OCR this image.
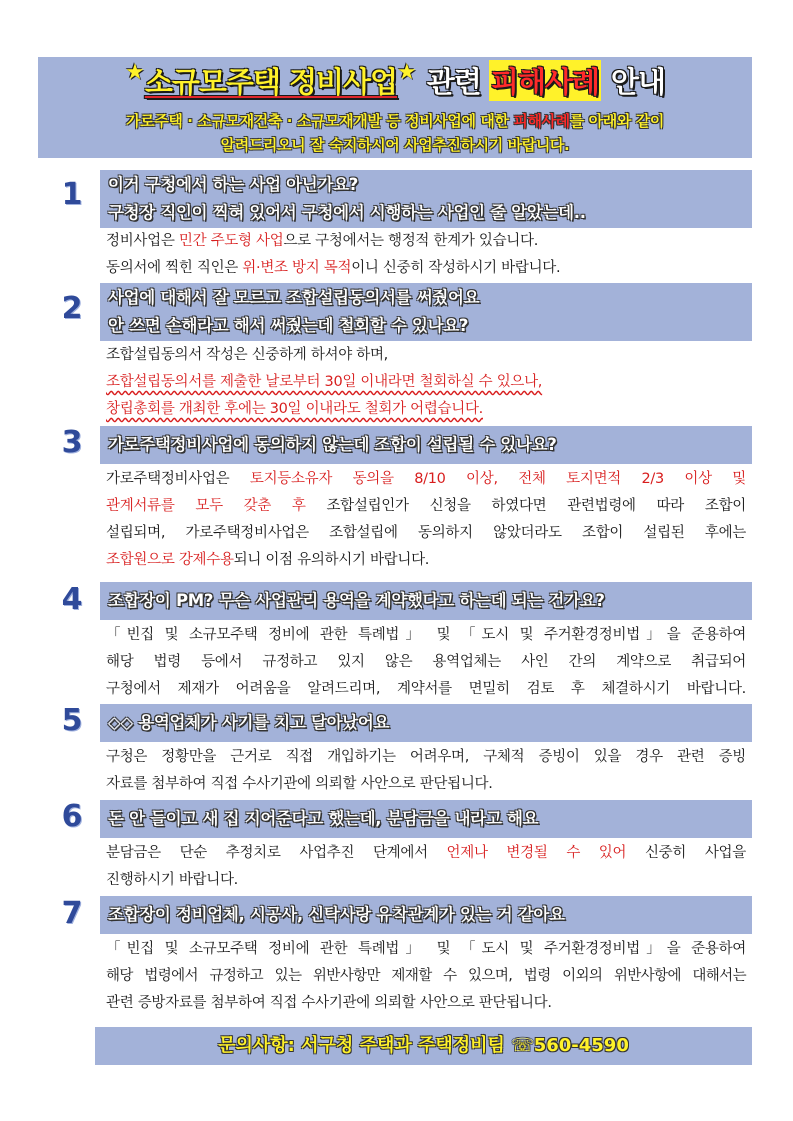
★소규모주택 정비사업★ 관련 피해사례 안내
가로주택 · 소규모재건축 · 소규모재개발 등 정비사업에 대한 피해사례를 아래와 같이
알려드리오니 잘 숙지하시어 사업추진하시기 바랍니다.
1	이거 구청에서 하는 사업 아닌가요?
구청장 직인이 찍혀 있어서 구청에서 시행하는 사업인 줄 알았는데..
정비사업은 민간 주도형 사업으로 구청에서는 행정적 한계가 있습니다.
동의서에 찍힌 직인은 위·변조 방지 목적이니 신중히 작성하시기 바랍니다.
2	사업에 대해서 잘 모르고 조합설립동의서를 써줬어요
안 쓰면 손해라고 해서 써줬는데 철회할 수 있나요?
조합설립동의서 작성은 신중하게 하셔야 하며,
조합설립동의서를 제출한 날로부터 30일 이내라면 철회하실 수 있으나,
창립총회를 개최한 후에는 30일 이내라도 철회가 어렵습니다.
3	가로주택정비사업에 동의하지 않는데 조합이 설립될 수 있나요?
가로주택정비사업은 토지등소유자 동의을 8/10 이상, 전체 토지면적 2/3 이상 및
관계서류를 모두 갖춘 후 조합설립인가 신청을 하였다면 관련법령에 따라 조합이
설립되며, 가로주택정비사업은 조합설립에 동의하지 않았더라도 조합이 설립된 후에는
조합원으로 강제수용되니 이점 유의하시기 바랍니다.
4	조합장이 PM? 무슨 사업관리 용역을 계약했다고 하는데 되는 건가요?
「빈집 및 소규모주택 정비에 관한 특례법」 및 「도시 및 주거환경정비법」을 준용하여
해당 법령 등에서 규정하고 있지 않은 용역업체는 사인 간의 계약으로 취급되어
구청에서 제재가 어려움을 알려드리며, 계약서를 면밀히 검토 후 체결하시기 바랍니다.
5	◇◇ 용역업체가 사기를 치고 달아났어요
구청은 정황만을 근거로 직접 개입하기는 어려우며, 구체적 증빙이 있을 경우 관련 증빙
자료를 첨부하여 직접 수사기관에 의뢰할 사안으로 판단됩니다.
6	돈 안 들이고 새 집 지어준다고 했는데, 분담금을 내라고 해요
분담금은 단순 추정치로 사업추진 단계에서 언제나 변경될 수 있어 신중히 사업을
진행하시기 바랍니다.
7	조합장이 정비업체, 시공사, 신탁사랑 유착관계가 있는 거 같아요
「빈집 및 소규모주택 정비에 관한 특례법」 및 「도시 및 주거환경정비법」을 준용하여
해당 법령에서 규정하고 있는 위반사항만 제재할 수 있으며, 법령 이외의 위반사항에 대해서는
관련 증방자료를 첨부하여 직접 수사기관에 의뢰할 사안으로 판단됩니다.
문의사항: 서구청 주택과 주택정비팀 ☏560-4590
